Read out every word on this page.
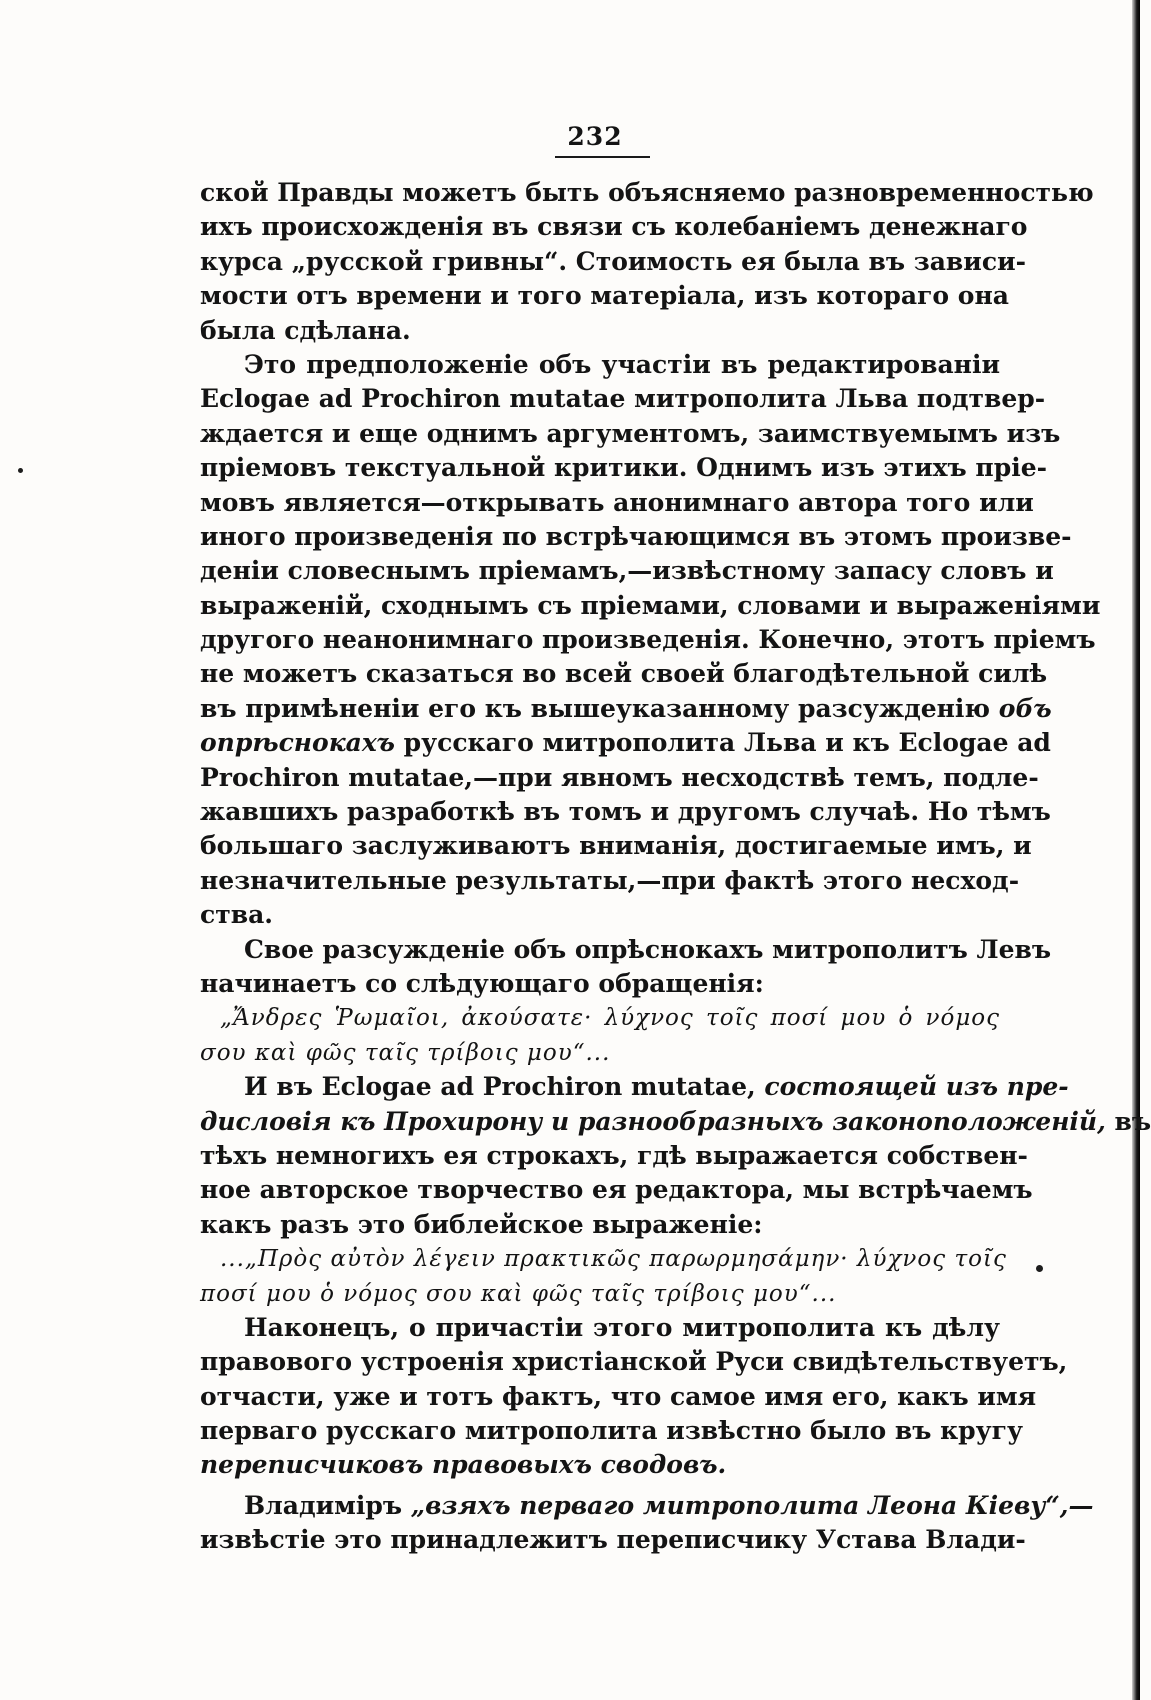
232
ской Правды можетъ быть объясняемо разновременностью
ихъ происхожденія въ связи съ колебаніемъ денежнаго
курса „русской гривны“. Стоимость ея была въ зависи-
мости отъ времени и того матеріала, изъ котораго она
была сдѣлана.
Это предположеніе объ участіи въ редактированіи
Eclogae ad Prochiron mutatae митрополита Льва подтвер-
ждается и еще однимъ аргументомъ, заимствуемымъ изъ
пріемовъ текстуальной критики. Однимъ изъ этихъ пріе-
мовъ является—открывать анонимнаго автора того или
иного произведенія по встрѣчающимся въ этомъ произве-
деніи словеснымъ пріемамъ,—извѣстному запасу словъ и
выраженій, сходнымъ съ пріемами, словами и выраженіями
другого неанонимнаго произведенія. Конечно, этотъ пріемъ
не можетъ сказаться во всей своей благодѣтельной силѣ
въ примѣненіи его къ вышеуказанному разсужденію объ
опрѣснокахъ русскаго митрополита Льва и къ Eclogae ad
Prochiron mutatae,—при явномъ несходствѣ темъ, подле-
жавшихъ разработкѣ въ томъ и другомъ случаѣ. Но тѣмъ
большаго заслуживаютъ вниманія, достигаемые имъ, и
незначительные результаты,—при фактѣ этого несход-
ства.
Свое разсужденіе объ опрѣснокахъ митрополитъ Левъ
начинаетъ со слѣдующаго обращенія:
„Ἄνδρες Ῥωμαῖοι, ἀκούσατε· λύχνος τοῖς ποσί μου ὁ νόμος
σου καὶ φῶς ταῖς τρίβοις μου“...
И въ Eclogae ad Prochiron mutatae, состоящей изъ пре-
дисловія къ Прохирону и разнообразныхъ законоположеній, въ
тѣхъ немногихъ ея строкахъ, гдѣ выражается собствен-
ное авторское творчество ея редактора, мы встрѣчаемъ
какъ разъ это библейское выраженіе:
...„Πρὸς αὐτὸν λέγειν πρακτικῶς παρωρμησάμην· λύχνος τοῖς
ποσί μου ὁ νόμος σου καὶ φῶς ταῖς τρίβοις μου“...
Наконецъ, о причастіи этого митрополита къ дѣлу
правового устроенія христіанской Руси свидѣтельствуетъ,
отчасти, уже и тотъ фактъ, что самое имя его, какъ имя
перваго русскаго митрополита извѣстно было въ кругу
переписчиковъ правовыхъ сводовъ.
Владиміръ „взяхъ перваго митрополита Леона Кіеву“,—
извѣстіе это принадлежитъ переписчику Устава Влади-
